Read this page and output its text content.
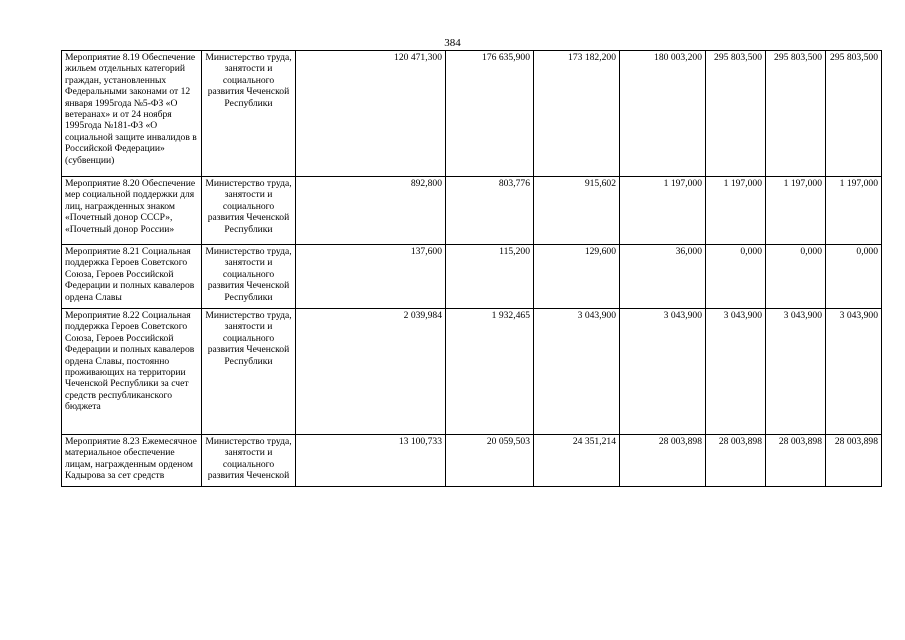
384
Мероприятие 8.19 Обеспечение жильем отдельных категорий граждан, установленных Федеральными законами от 12 января 1995года №5-ФЗ «О ветеранах» и от 24 ноября 1995года №181-ФЗ «О социальной защите инвалидов в Российской Федерации» (субвенции)	Министерство труда, занятости и социального развития Чеченской Республики	120 471,300	176 635,900	173 182,200	180 003,200	295 803,500	295 803,500	295 803,500
Мероприятие 8.20 Обеспечение мер социальной поддержки для лиц, награжденных знаком «Почетный донор СССР», «Почетный донор России»	Министерство труда, занятости и социального развития Чеченской Республики	892,800	803,776	915,602	1 197,000	1 197,000	1 197,000	1 197,000
Мероприятие 8.21 Социальная поддержка Героев Советского Союза, Героев Российской Федерации и полных кавалеров ордена Славы	Министерство труда, занятости и социального развития Чеченской Республики	137,600	115,200	129,600	36,000	0,000	0,000	0,000
Мероприятие 8.22 Социальная поддержка Героев Советского Союза, Героев Российской Федерации и полных кавалеров ордена Славы, постоянно проживающих на территории Чеченской Республики за счет средств республиканского бюджета	Министерство труда, занятости и социального развития Чеченской Республики	2 039,984	1 932,465	3 043,900	3 043,900	3 043,900	3 043,900	3 043,900
Мероприятие 8.23 Ежемесячное материальное обеспечение лицам, награжденным орденом Кадырова за сет средств	Министерство труда, занятости и социального развития Чеченской	13 100,733	20 059,503	24 351,214	28 003,898	28 003,898	28 003,898	28 003,898
